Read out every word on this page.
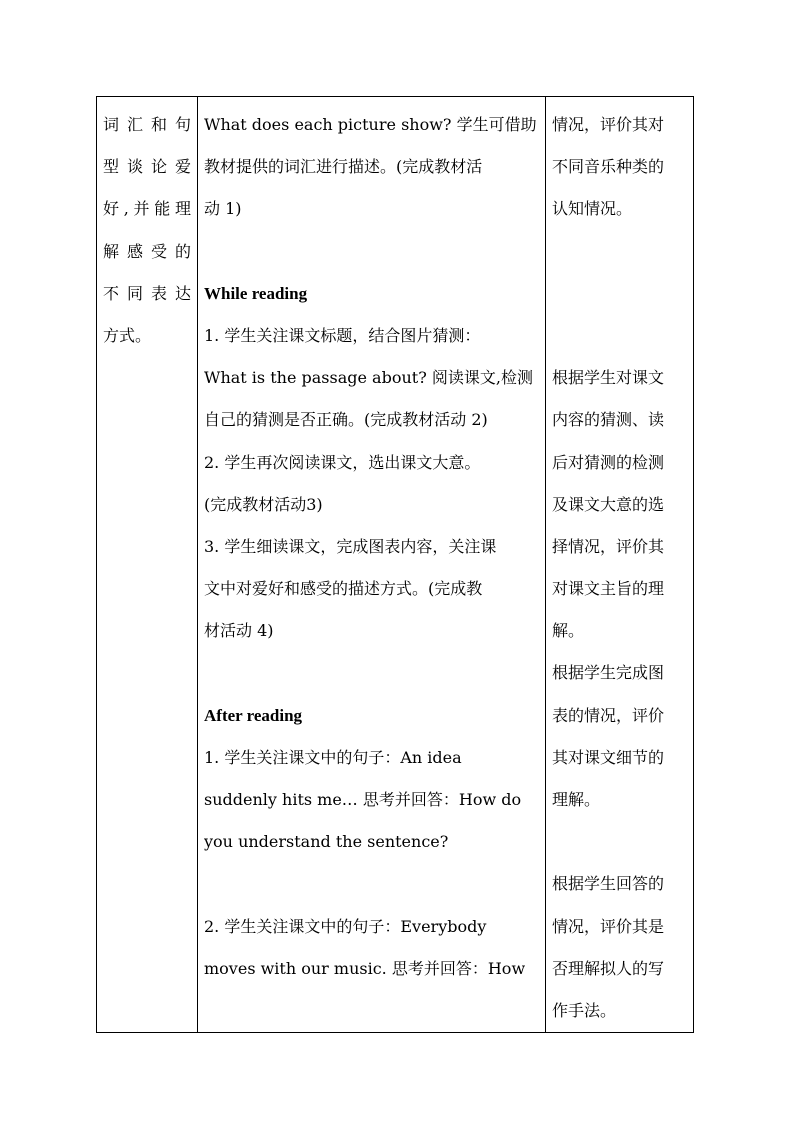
词汇和句
型谈论爱
好,并能理
解感受的
不同表达
方式。

What does each picture show? 学生可借助
教材提供的词汇进行描述。(完成教材活
动 1)
While reading
1. 学生关注课文标题，结合图片猜测：
What is the passage about? 阅读课文,检测
自己的猜测是否正确。(完成教材活动 2)
2. 学生再次阅读课文，选出课文大意。
(完成教材活动3)
3. 学生细读课文，完成图表内容，关注课
文中对爱好和感受的描述方式。(完成教
材活动 4)
After reading
1. 学生关注课文中的句子：An idea
suddenly hits me… 思考并回答：How do
you understand the sentence?
2. 学生关注课文中的句子：Everybody
moves with our music. 思考并回答：How

情况，评价其对
不同音乐种类的
认知情况。
根据学生对课文
内容的猜测、读
后对猜测的检测
及课文大意的选
择情况，评价其
对课文主旨的理
解。
根据学生完成图
表的情况，评价
其对课文细节的
理解。
根据学生回答的
情况，评价其是
否理解拟人的写
作手法。
